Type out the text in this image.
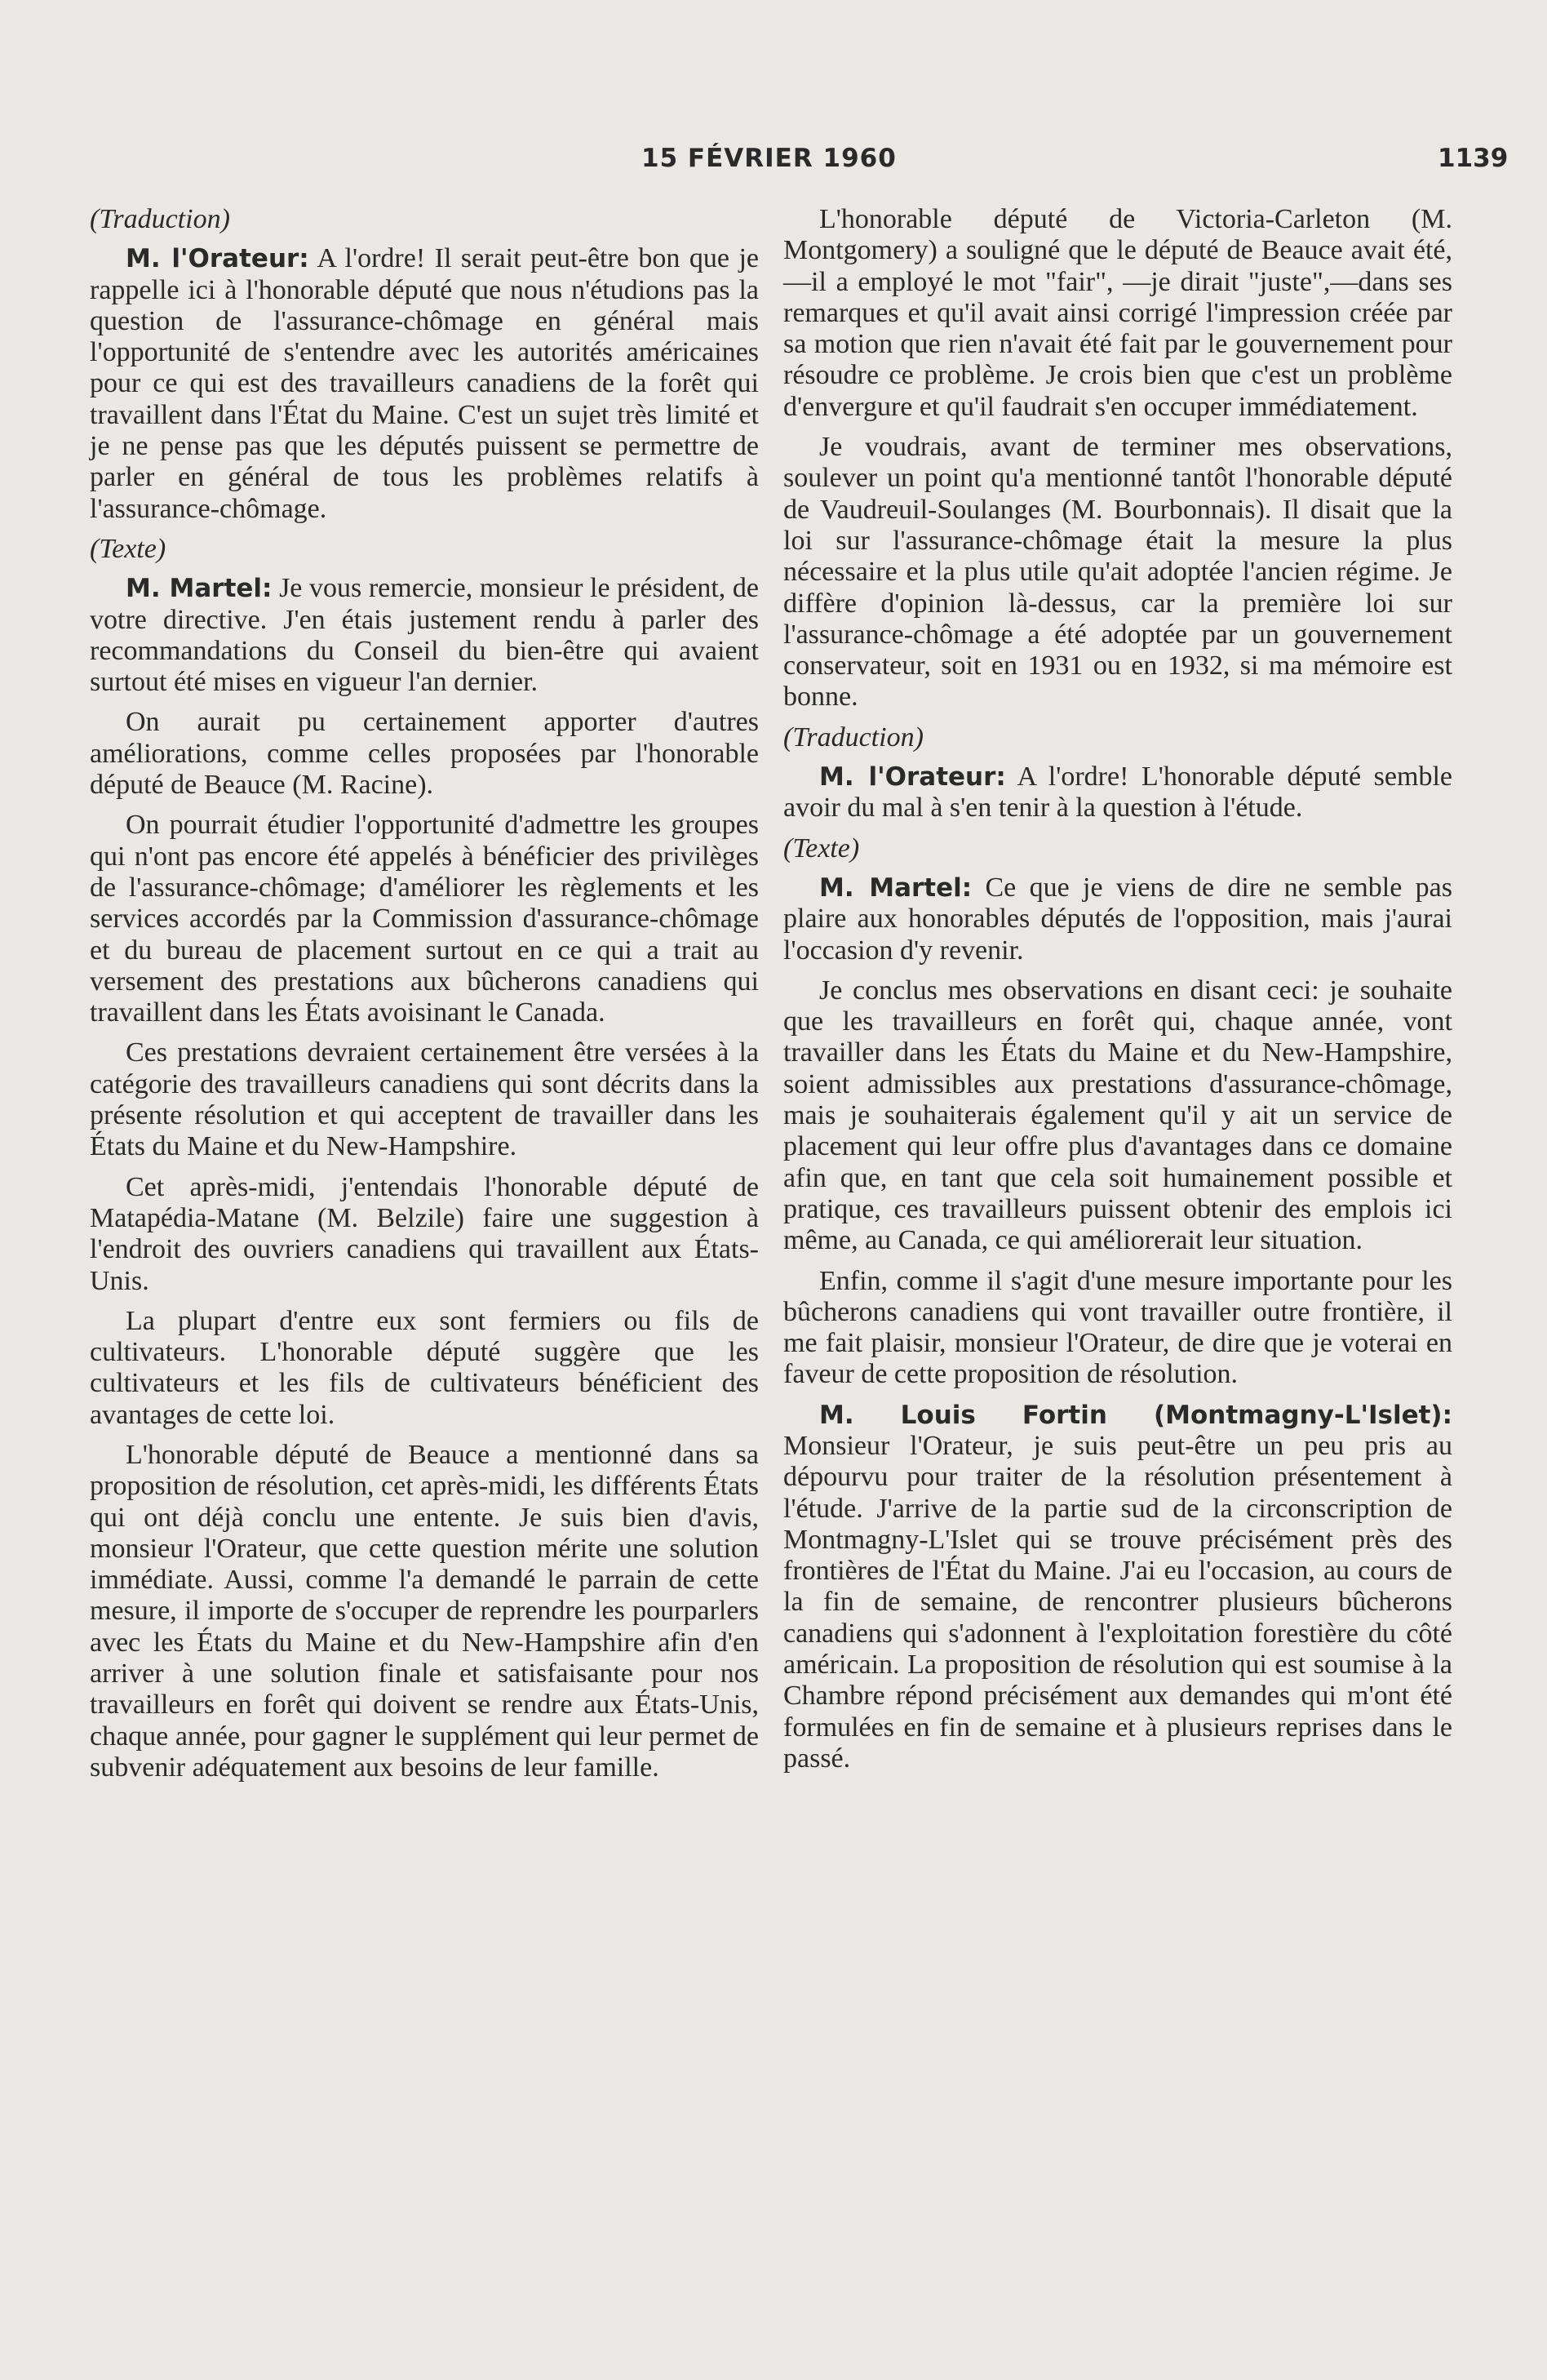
15 FÉVRIER 1960	1139
(Traduction)

M. l'Orateur: A l'ordre! Il serait peut-être bon que je rappelle ici à l'honorable député que nous n'étudions pas la question de l'assurance-chômage en général mais l'opportunité de s'entendre avec les autorités américaines pour ce qui est des travailleurs canadiens de la forêt qui travaillent dans l'État du Maine. C'est un sujet très limité et je ne pense pas que les députés puissent se permettre de parler en général de tous les problèmes relatifs à l'assurance-chômage.

(Texte)

M. Martel: Je vous remercie, monsieur le président, de votre directive. J'en étais justement rendu à parler des recommandations du Conseil du bien-être qui avaient surtout été mises en vigueur l'an dernier.

On aurait pu certainement apporter d'autres améliorations, comme celles proposées par l'honorable député de Beauce (M. Racine).

On pourrait étudier l'opportunité d'admettre les groupes qui n'ont pas encore été appelés à bénéficier des privilèges de l'assurance-chômage; d'améliorer les règlements et les services accordés par la Commission d'assurance-chômage et du bureau de placement surtout en ce qui a trait au versement des prestations aux bûcherons canadiens qui travaillent dans les États avoisinant le Canada.

Ces prestations devraient certainement être versées à la catégorie des travailleurs canadiens qui sont décrits dans la présente résolution et qui acceptent de travailler dans les États du Maine et du New-Hampshire.

Cet après-midi, j'entendais l'honorable député de Matapédia-Matane (M. Belzile) faire une suggestion à l'endroit des ouvriers canadiens qui travaillent aux États-Unis.

La plupart d'entre eux sont fermiers ou fils de cultivateurs. L'honorable député suggère que les cultivateurs et les fils de cultivateurs bénéficient des avantages de cette loi.

L'honorable député de Beauce a mentionné dans sa proposition de résolution, cet après-midi, les différents États qui ont déjà conclu une entente. Je suis bien d'avis, monsieur l'Orateur, que cette question mérite une solution immédiate. Aussi, comme l'a demandé le parrain de cette mesure, il importe de s'occuper de reprendre les pourparlers avec les États du Maine et du New-Hampshire afin d'en arriver à une solution finale et satisfaisante pour nos travailleurs en forêt qui doivent se rendre aux États-Unis, chaque année, pour gagner le supplément qui leur permet de subvenir adéquatement aux besoins de leur famille.

L'honorable député de Victoria-Carleton (M. Montgomery) a souligné que le député de Beauce avait été,—il a employé le mot "fair", —je dirait "juste",—dans ses remarques et qu'il avait ainsi corrigé l'impression créée par sa motion que rien n'avait été fait par le gouvernement pour résoudre ce problème. Je crois bien que c'est un problème d'envergure et qu'il faudrait s'en occuper immédiatement.

Je voudrais, avant de terminer mes observations, soulever un point qu'a mentionné tantôt l'honorable député de Vaudreuil-Soulanges (M. Bourbonnais). Il disait que la loi sur l'assurance-chômage était la mesure la plus nécessaire et la plus utile qu'ait adoptée l'ancien régime. Je diffère d'opinion là-dessus, car la première loi sur l'assurance-chômage a été adoptée par un gouvernement conservateur, soit en 1931 ou en 1932, si ma mémoire est bonne.

(Traduction)

M. l'Orateur: A l'ordre! L'honorable député semble avoir du mal à s'en tenir à la question à l'étude.

(Texte)

M. Martel: Ce que je viens de dire ne semble pas plaire aux honorables députés de l'opposition, mais j'aurai l'occasion d'y revenir.

Je conclus mes observations en disant ceci: je souhaite que les travailleurs en forêt qui, chaque année, vont travailler dans les États du Maine et du New-Hampshire, soient admissibles aux prestations d'assurance-chômage, mais je souhaiterais également qu'il y ait un service de placement qui leur offre plus d'avantages dans ce domaine afin que, en tant que cela soit humainement possible et pratique, ces travailleurs puissent obtenir des emplois ici même, au Canada, ce qui améliorerait leur situation.

Enfin, comme il s'agit d'une mesure importante pour les bûcherons canadiens qui vont travailler outre frontière, il me fait plaisir, monsieur l'Orateur, de dire que je voterai en faveur de cette proposition de résolution.

M. Louis Fortin (Montmagny-L'Islet): Monsieur l'Orateur, je suis peut-être un peu pris au dépourvu pour traiter de la résolution présentement à l'étude. J'arrive de la partie sud de la circonscription de Montmagny-L'Islet qui se trouve précisément près des frontières de l'État du Maine. J'ai eu l'occasion, au cours de la fin de semaine, de rencontrer plusieurs bûcherons canadiens qui s'adonnent à l'exploitation forestière du côté américain. La proposition de résolution qui est soumise à la Chambre répond précisément aux demandes qui m'ont été formulées en fin de semaine et à plusieurs reprises dans le passé.
